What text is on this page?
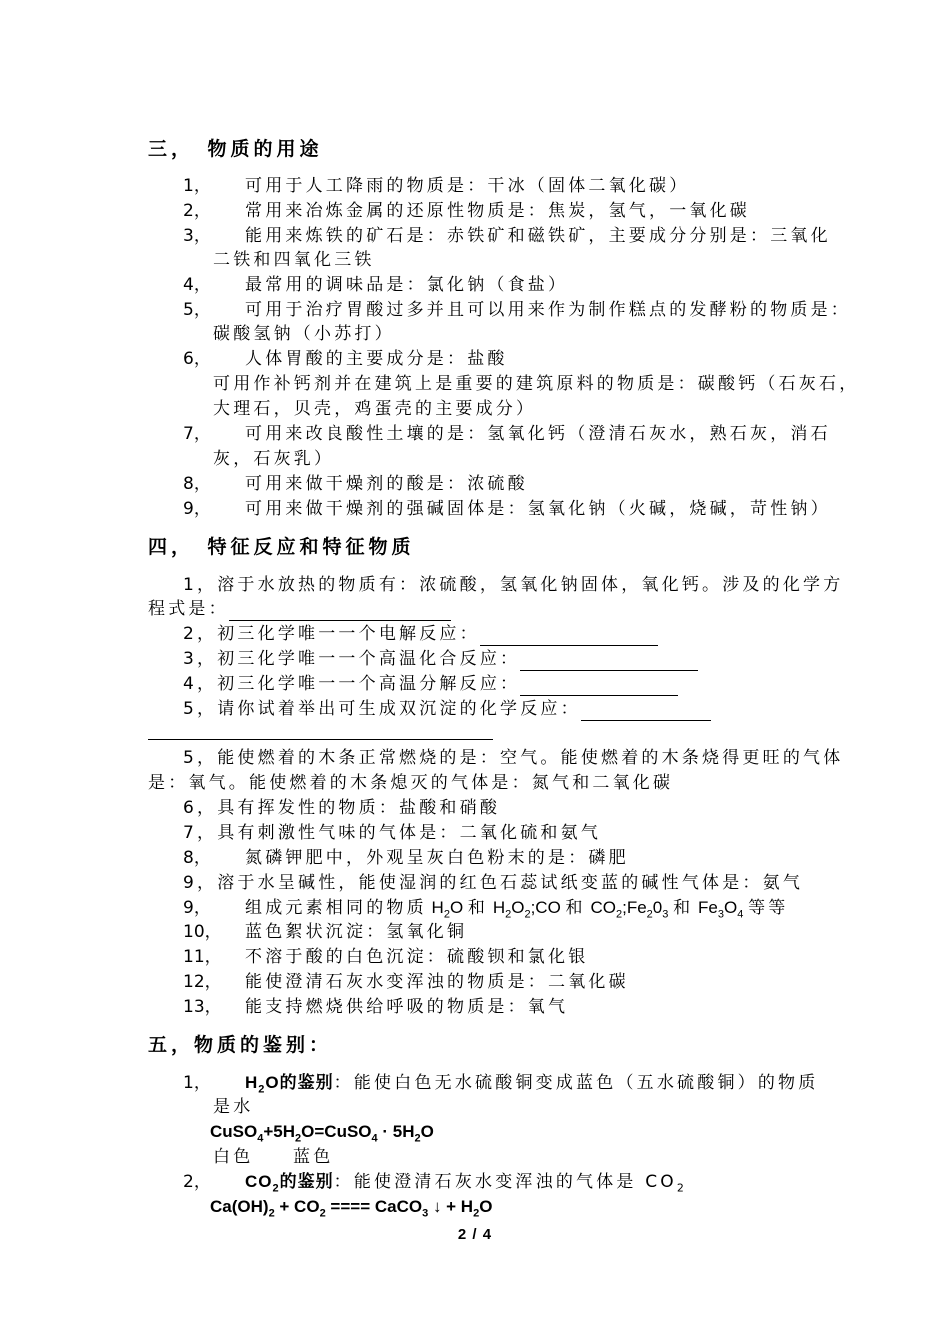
三，　物质的用途
1， 可用于人工降雨的物质是：干冰（固体二氧化碳）
2， 常用来冶炼金属的还原性物质是：焦炭，氢气，一氧化碳
3， 能用来炼铁的矿石是：赤铁矿和磁铁矿，主要成分分别是：三氧化
二铁和四氧化三铁
4， 最常用的调味品是：氯化钠（食盐）
5， 可用于治疗胃酸过多并且可以用来作为制作糕点的发酵粉的物质是：
碳酸氢钠（小苏打）
6， 人体胃酸的主要成分是：盐酸
可用作补钙剂并在建筑上是重要的建筑原料的物质是：碳酸钙（石灰石，
大理石，贝壳，鸡蛋壳的主要成分）
7， 可用来改良酸性土壤的是：氢氧化钙（澄清石灰水，熟石灰，消石
灰，石灰乳）
8， 可用来做干燥剂的酸是：浓硫酸
9， 可用来做干燥剂的强碱固体是：氢氧化钠（火碱，烧碱，苛性钠）
四，　特征反应和特征物质
1，溶于水放热的物质有：浓硫酸，氢氧化钠固体，氧化钙。涉及的化学方
程式是：
2，初三化学唯一一个电解反应：
3，初三化学唯一一个高温化合反应：
4，初三化学唯一一个高温分解反应：
5，请你试着举出可生成双沉淀的化学反应：
5，能使燃着的木条正常燃烧的是：空气。能使燃着的木条烧得更旺的气体
是：氧气。能使燃着的木条熄灭的气体是：氮气和二氧化碳
6，具有挥发性的物质：盐酸和硝酸
7，具有刺激性气味的气体是：二氧化硫和氨气
8， 氮磷钾肥中，外观呈灰白色粉末的是：磷肥
9，溶于水呈碱性，能使湿润的红色石蕊试纸变蓝的碱性气体是：氨气
9， 组成元素相同的物质 $H_2O$ 和 $H_2O_2;CO$ 和 $CO_2;Fe_20_3$ 和 $Fe_3O_4$ 等等
10， 蓝色絮状沉淀：氢氧化铜
11， 不溶于酸的白色沉淀：硫酸钡和氯化银
12， 能使澄清石灰水变浑浊的物质是：二氧化碳
13， 能支持燃烧供给呼吸的物质是：氧气
五，物质的鉴别：
1， $H_2O$的鉴别：能使白色无水硫酸铜变成蓝色（五水硫酸铜）的物质
是水
$CuSO_4+5H_2O=CuSO_4 \cdot 5H_2O$
白色 蓝色
2， $CO_2$的鉴别：能使澄清石灰水变浑浊的气体是 $CO_2$
$Ca(OH)_2 + CO_2$ ==== CaCO$_3$ ↓ + $H_2O$
2 / 4
